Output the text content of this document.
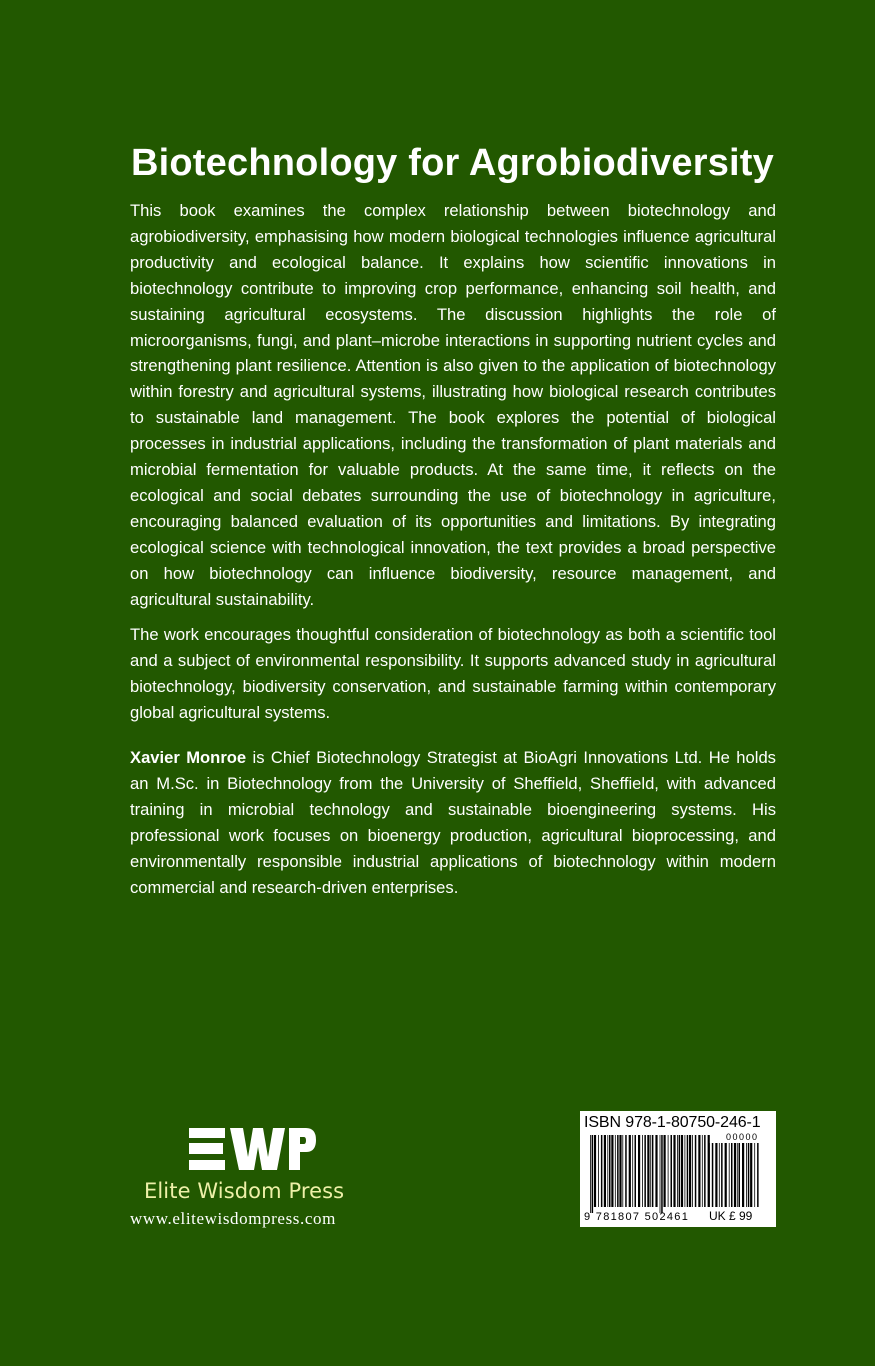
Biotechnology for Agrobiodiversity

This book examines the complex relationship between biotechnology and agrobiodiversity, emphasising how modern biological technologies influence agricultural productivity and ecological balance. It explains how scientific innovations in biotechnology contribute to improving crop performance, enhancing soil health, and sustaining agricultural ecosystems. The discussion highlights the role of microorganisms, fungi, and plant–microbe interactions in supporting nutrient cycles and strengthening plant resilience. Attention is also given to the application of biotechnology within forestry and agricultural systems, illustrating how biological research contributes to sustainable land management. The book explores the potential of biological processes in industrial applications, including the transformation of plant materials and microbial fermentation for valuable products. At the same time, it reflects on the ecological and social debates surrounding the use of biotechnology in agriculture, encouraging balanced evaluation of its opportunities and limitations. By integrating ecological science with technological innovation, the text provides a broad perspective on how biotechnology can influence biodiversity, resource management, and agricultural sustainability.

The work encourages thoughtful consideration of biotechnology as both a scientific tool and a subject of environmental responsibility. It supports advanced study in agricultural biotechnology, biodiversity conservation, and sustainable farming within contemporary global agricultural systems.

Xavier Monroe is Chief Biotechnology Strategist at BioAgri Innovations Ltd. He holds an M.Sc. in Biotechnology from the University of Sheffield, Sheffield, with advanced training in microbial technology and sustainable bioengineering systems. His professional work focuses on bioenergy production, agricultural bioprocessing, and environmentally responsible industrial applications of biotechnology within modern commercial and research-driven enterprises.

Elite Wisdom Press
www.elitewisdompress.com
ISBN 978-1-80750-246-1
00000
9 781807 502461 UK £ 99
